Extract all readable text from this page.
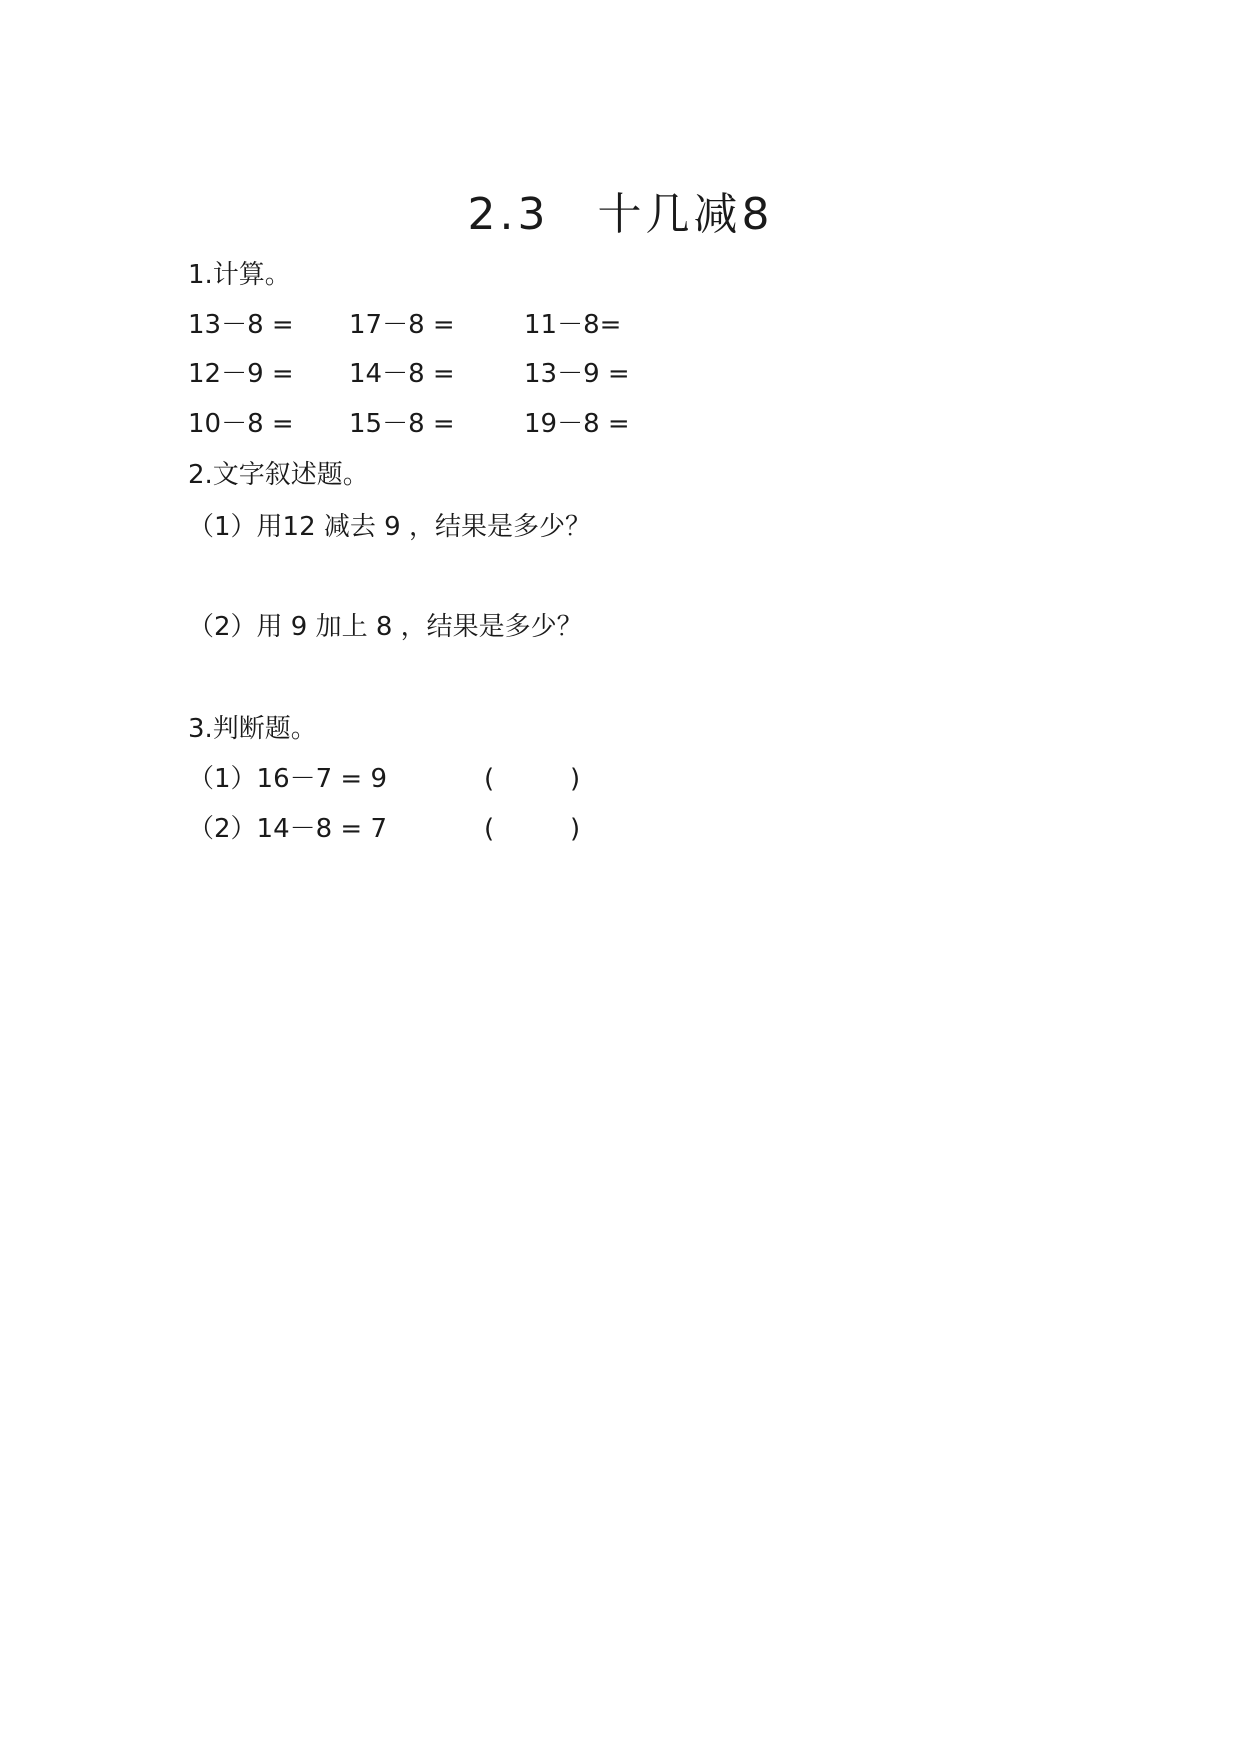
2.3　十几减8
1.计算。
13－8 = 17－8 =	11－8=
12－9 = 14－8 =	13－9 =
10－8 = 15－8 =	19－8 =
2.文字叙述题。
（1）用12 减去 9 ，结果是多少？
（2）用 9 加上 8 ，结果是多少？
3.判断题。
（1）16－7 = 9	(	)
（2）14－8 = 7	(	)
